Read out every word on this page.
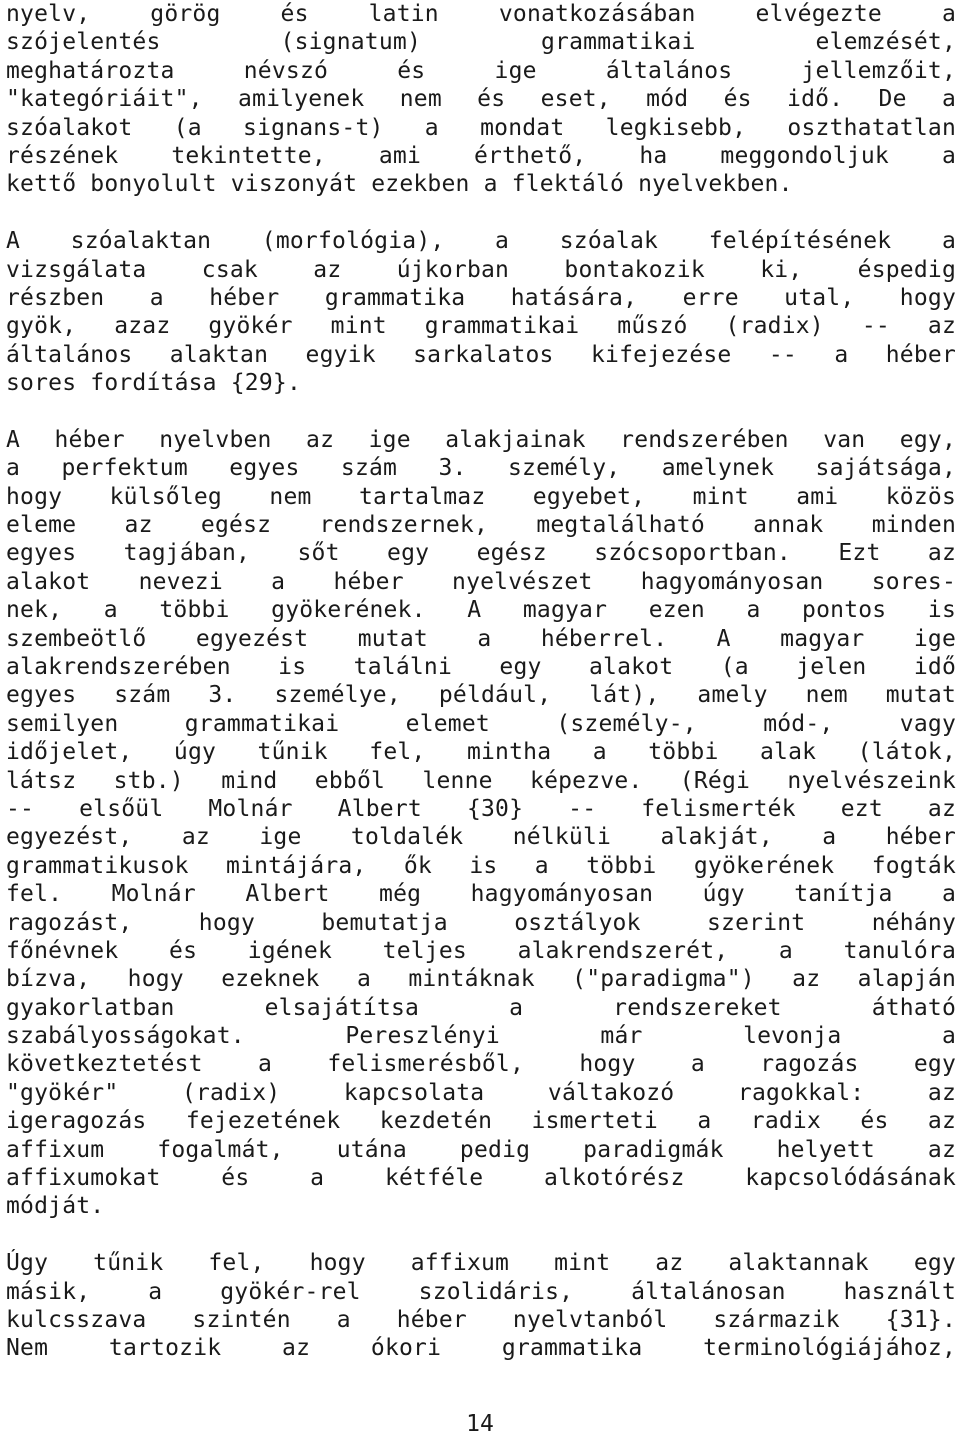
nyelv, görög és latin vonatkozásában elvégezte a
szójelentés (signatum) grammatikai elemzését,
meghatározta névszó és ige általános jellemzőit,
"kategóriáit", amilyenek nem és eset, mód és idő. De a
szóalakot (a signans-t) a mondat legkisebb, oszthatatlan
részének tekintette, ami érthető, ha meggondoljuk a
kettő bonyolult viszonyát ezekben a flektáló nyelvekben.
A szóalaktan (morfológia), a szóalak felépítésének a
vizsgálata csak az újkorban bontakozik ki, éspedig
részben a héber grammatika hatására, erre utal, hogy
gyök, azaz gyökér mint grammatikai műszó (radix) -- az
általános alaktan egyik sarkalatos kifejezése -- a héber
sores fordítása {29}.
A héber nyelvben az ige alakjainak rendszerében van egy,
a perfektum egyes szám 3. személy, amelynek sajátsága,
hogy külsőleg nem tartalmaz egyebet, mint ami közös
eleme az egész rendszernek, megtalálható annak minden
egyes tagjában, sőt egy egész szócsoportban. Ezt az
alakot nevezi a héber nyelvészet hagyományosan sores-
nek, a többi gyökerének. A magyar ezen a pontos is
szembeötlő egyezést mutat a héberrel. A magyar ige
alakrendszerében is találni egy alakot (a jelen idő
egyes szám 3. személye, például, lát), amely nem mutat
semilyen grammatikai elemet (személy-, mód-, vagy
időjelet, úgy tűnik fel, mintha a többi alak (látok,
látsz stb.) mind ebből lenne képezve. (Régi nyelvészeink
-- elsőül Molnár Albert {30} -- felismerték ezt az
egyezést, az ige toldalék nélküli alakját, a héber
grammatikusok mintájára, ők is a többi gyökerének fogták
fel. Molnár Albert még hagyományosan úgy tanítja a
ragozást, hogy bemutatja osztályok szerint néhány
főnévnek és igének teljes alakrendszerét, a tanulóra
bízva, hogy ezeknek a mintáknak ("paradigma") az alapján
gyakorlatban elsajátítsa a rendszereket átható
szabályosságokat. Pereszlényi már levonja a
következtetést a felismerésből, hogy a ragozás egy
"gyökér" (radix) kapcsolata váltakozó ragokkal: az
igeragozás fejezetének kezdetén ismerteti a radix és az
affixum fogalmát, utána pedig paradigmák helyett az
affixumokat és a kétféle alkotórész kapcsolódásának
módját.
Úgy tűnik fel, hogy affixum mint az alaktannak egy
másik, a gyökér-rel szolidáris, általánosan használt
kulcsszava szintén a héber nyelvtanból származik {31}.
Nem tartozik az ókori grammatika terminológiájához,
14
